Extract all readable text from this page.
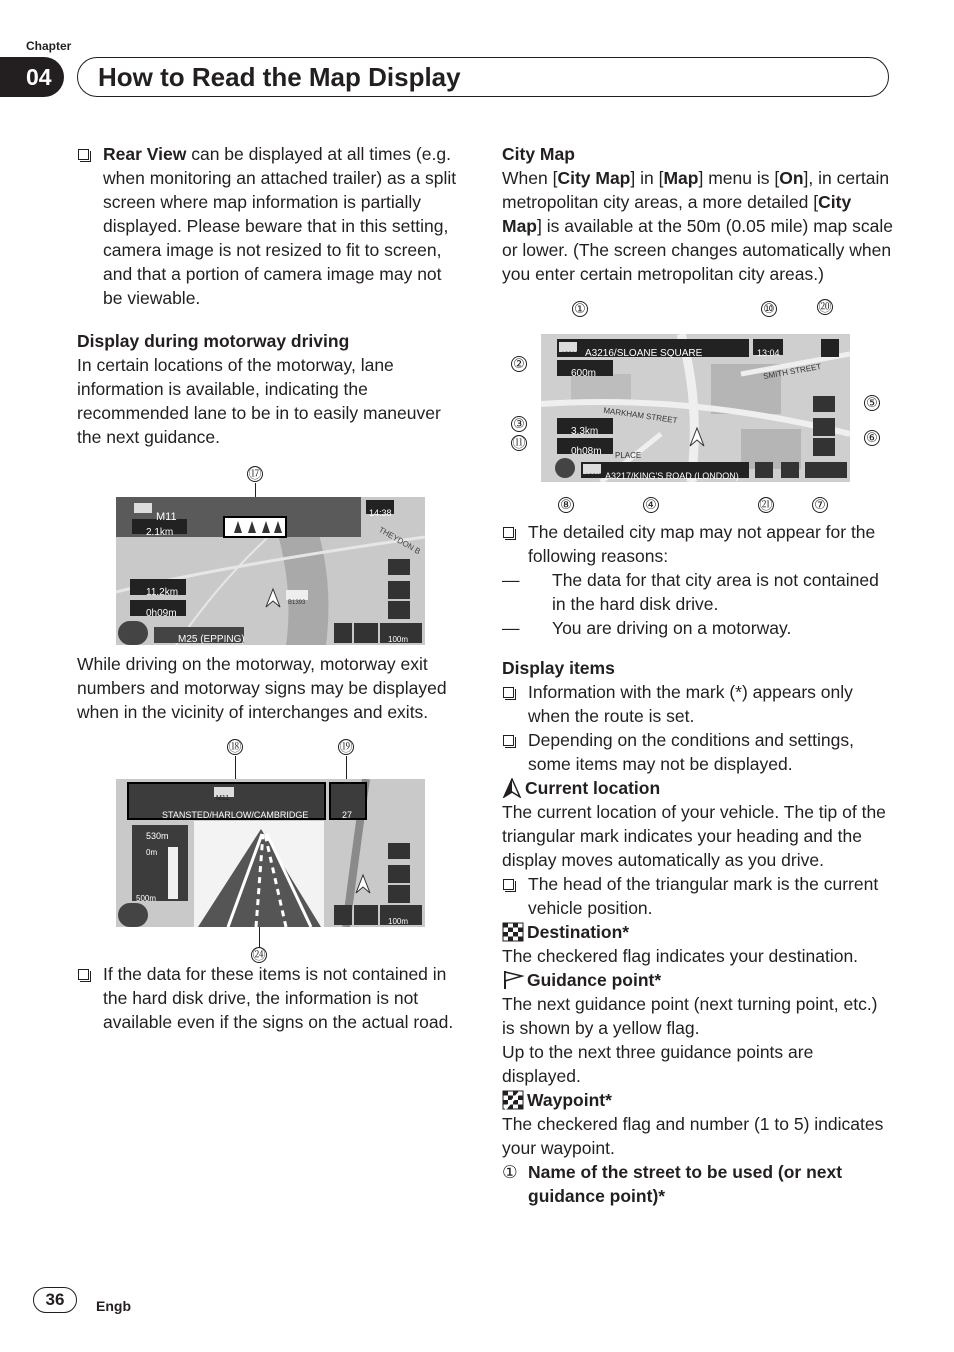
Chapter
04	How to Read the Map Display
Rear View can be displayed at all times (e.g. when monitoring an attached trailer) as a split screen where map information is partially displayed. Please beware that in this setting, camera image is not resized to fit to screen, and that a portion of camera image may not be viewable.
Display during motorway driving
In certain locations of the motorway, lane information is available, indicating the recommended lane to be in to easily maneuver the next guidance.
⑰
M11	14:38
2.1km
11.2km
0h09m
M25 (EPPING)
THEYDON B
B1393
100m
While driving on the motorway, motorway exit numbers and motorway signs may be displayed when in the vicinity of interchanges and exits.
⑱	⑲
M11
STANSTED/HARLOW/CAMBRIDGE	27
530m
0m
500m
100m
㉔
If the data for these items is not contained in the hard disk drive, the information is not available even if the signs on the actual road.
City Map
When [City Map] in [Map] menu is [On], in certain metropolitan city areas, a more detailed [City Map] is available at the 50m (0.05 mile) map scale or lower. (The screen changes automatically when you enter certain metropolitan city areas.)
①	⑩	⑳
②
⑤
③
⑪	⑥
⑧	④	㉑	⑦
A3216 A3216/SLOANE SQUARE	13:04
600m
3.3km
0h08m
A3217 A3217/KING'S ROAD (LONDON)
SMITH STREET
MARKHAM STREET
PLACE
The detailed city map may not appear for the following reasons:
—	The data for that city area is not contained in the hard disk drive.
—	You are driving on a motorway.
Display items
Information with the mark (*) appears only when the route is set.
Depending on the conditions and settings, some items may not be displayed.
Current location
The current location of your vehicle. The tip of the triangular mark indicates your heading and the display moves automatically as you drive.
The head of the triangular mark is the current vehicle position.
Destination*
The checkered flag indicates your destination.
Guidance point*
The next guidance point (next turning point, etc.) is shown by a yellow flag.
Up to the next three guidance points are displayed.
Waypoint*
The checkered flag and number (1 to 5) indicates your waypoint.
① Name of the street to be used (or next guidance point)*
36	Engb
